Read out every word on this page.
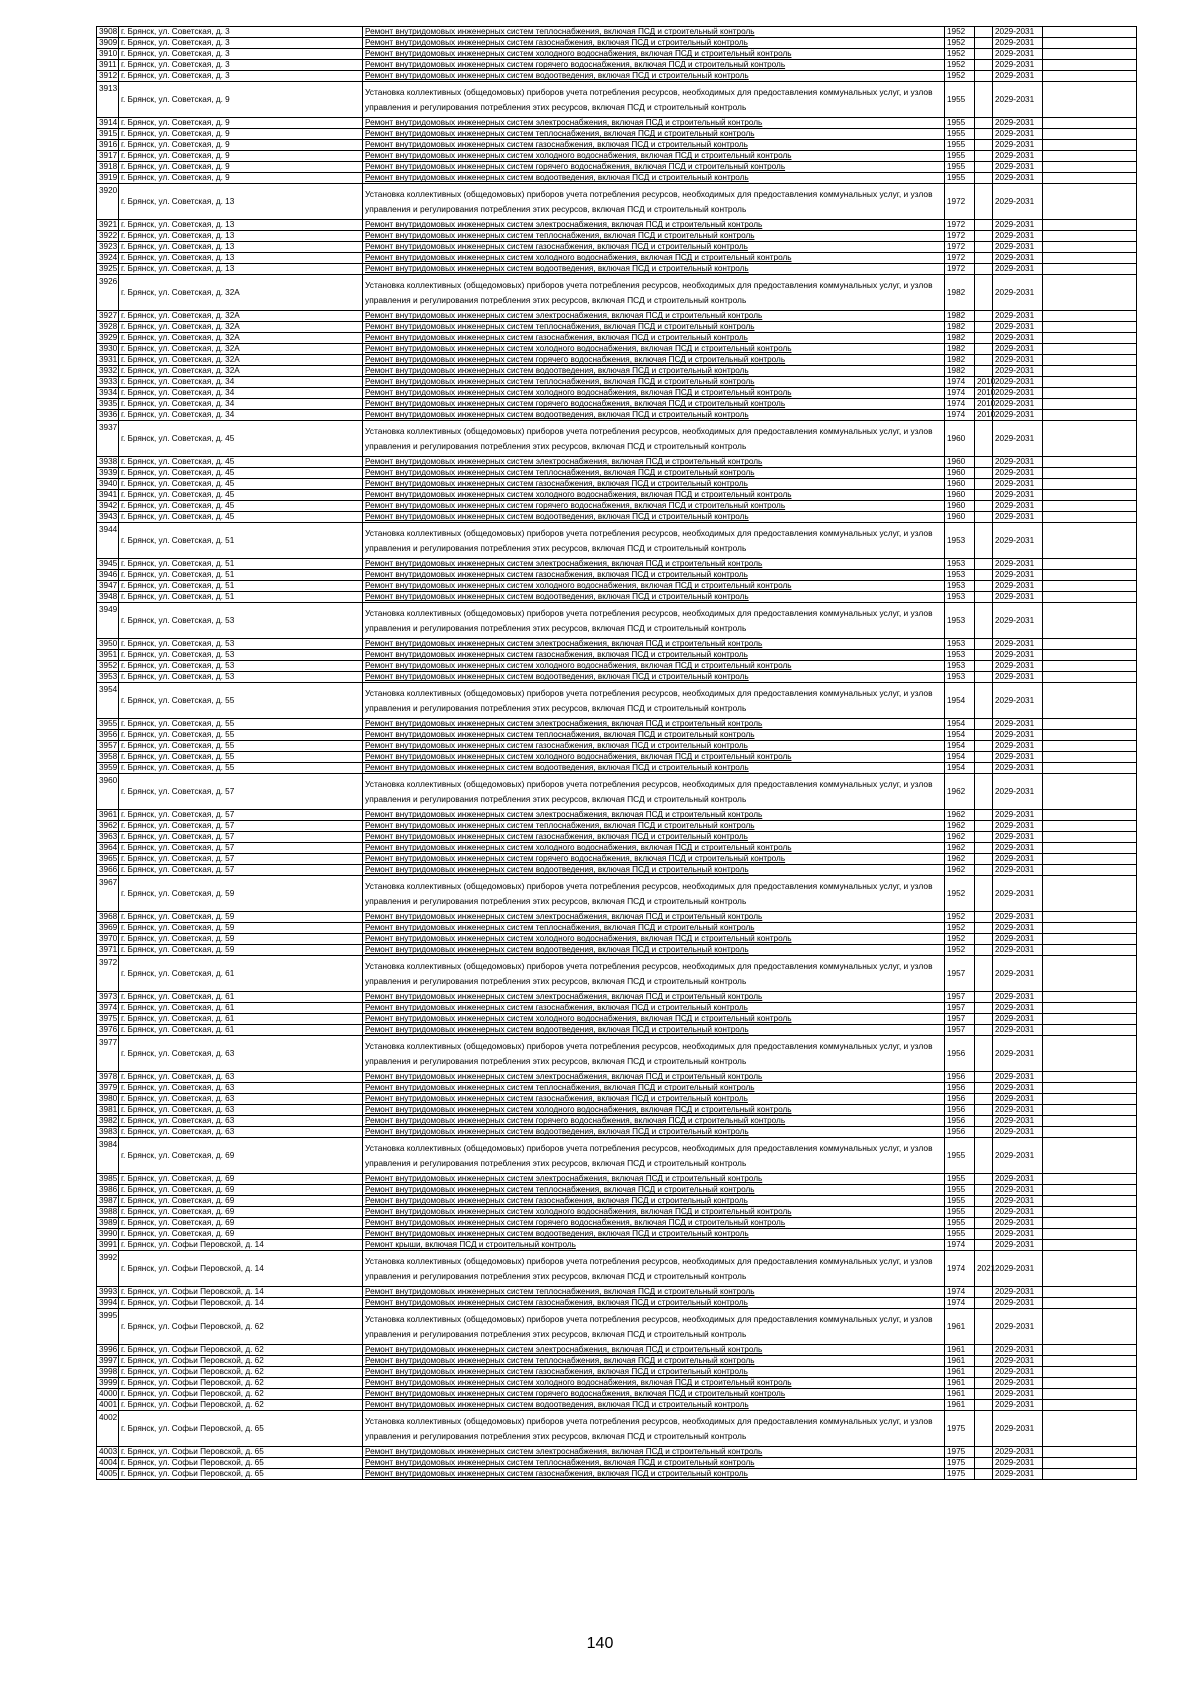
3908	г. Брянск, ул. Советская, д. 3	Ремонт внутридомовых инженерных систем теплоснабжения, включая ПСД и строительный контроль	1952		2029-2031	
3909	г. Брянск, ул. Советская, д. 3	Ремонт внутридомовых инженерных систем газоснабжения, включая ПСД и строительный контроль	1952		2029-2031	
3910	г. Брянск, ул. Советская, д. 3	Ремонт внутридомовых инженерных систем холодного водоснабжения, включая ПСД и строительный контроль	1952		2029-2031	
3911	г. Брянск, ул. Советская, д. 3	Ремонт внутридомовых инженерных систем горячего водоснабжения, включая ПСД и строительный контроль	1952		2029-2031	
3912	г. Брянск, ул. Советская, д. 3	Ремонт внутридомовых инженерных систем водоотведения, включая ПСД и строительный контроль	1952		2029-2031	
3913	г. Брянск, ул. Советская, д. 9	Установка коллективных (общедомовых) приборов учета потребления ресурсов, необходимых для предоставления коммунальных услуг, и узлов управления и регулирования потребления этих ресурсов, включая ПСД и строительный контроль	1955		2029-2031	
3914	г. Брянск, ул. Советская, д. 9	Ремонт внутридомовых инженерных систем электроснабжения, включая ПСД и строительный контроль	1955		2029-2031	
3915	г. Брянск, ул. Советская, д. 9	Ремонт внутридомовых инженерных систем теплоснабжения, включая ПСД и строительный контроль	1955		2029-2031	
3916	г. Брянск, ул. Советская, д. 9	Ремонт внутридомовых инженерных систем газоснабжения, включая ПСД и строительный контроль	1955		2029-2031	
3917	г. Брянск, ул. Советская, д. 9	Ремонт внутридомовых инженерных систем холодного водоснабжения, включая ПСД и строительный контроль	1955		2029-2031	
3918	г. Брянск, ул. Советская, д. 9	Ремонт внутридомовых инженерных систем горячего водоснабжения, включая ПСД и строительный контроль	1955		2029-2031	
3919	г. Брянск, ул. Советская, д. 9	Ремонт внутридомовых инженерных систем водоотведения, включая ПСД и строительный контроль	1955		2029-2031	
3920	г. Брянск, ул. Советская, д. 13	Установка коллективных (общедомовых) приборов учета потребления ресурсов, необходимых для предоставления коммунальных услуг, и узлов управления и регулирования потребления этих ресурсов, включая ПСД и строительный контроль	1972		2029-2031	
3921	г. Брянск, ул. Советская, д. 13	Ремонт внутридомовых инженерных систем электроснабжения, включая ПСД и строительный контроль	1972		2029-2031	
3922	г. Брянск, ул. Советская, д. 13	Ремонт внутридомовых инженерных систем теплоснабжения, включая ПСД и строительный контроль	1972		2029-2031	
3923	г. Брянск, ул. Советская, д. 13	Ремонт внутридомовых инженерных систем газоснабжения, включая ПСД и строительный контроль	1972		2029-2031	
3924	г. Брянск, ул. Советская, д. 13	Ремонт внутридомовых инженерных систем холодного водоснабжения, включая ПСД и строительный контроль	1972		2029-2031	
3925	г. Брянск, ул. Советская, д. 13	Ремонт внутридомовых инженерных систем водоотведения, включая ПСД и строительный контроль	1972		2029-2031	
3926	г. Брянск, ул. Советская, д. 32А	Установка коллективных (общедомовых) приборов учета потребления ресурсов, необходимых для предоставления коммунальных услуг, и узлов управления и регулирования потребления этих ресурсов, включая ПСД и строительный контроль	1982		2029-2031	
3927	г. Брянск, ул. Советская, д. 32А	Ремонт внутридомовых инженерных систем электроснабжения, включая ПСД и строительный контроль	1982		2029-2031	
3928	г. Брянск, ул. Советская, д. 32А	Ремонт внутридомовых инженерных систем теплоснабжения, включая ПСД и строительный контроль	1982		2029-2031	
3929	г. Брянск, ул. Советская, д. 32А	Ремонт внутридомовых инженерных систем газоснабжения, включая ПСД и строительный контроль	1982		2029-2031	
3930	г. Брянск, ул. Советская, д. 32А	Ремонт внутридомовых инженерных систем холодного водоснабжения, включая ПСД и строительный контроль	1982		2029-2031	
3931	г. Брянск, ул. Советская, д. 32А	Ремонт внутридомовых инженерных систем горячего водоснабжения, включая ПСД и строительный контроль	1982		2029-2031	
3932	г. Брянск, ул. Советская, д. 32А	Ремонт внутридомовых инженерных систем водоотведения, включая ПСД и строительный контроль	1982		2029-2031	
3933	г. Брянск, ул. Советская, д. 34	Ремонт внутридомовых инженерных систем теплоснабжения, включая ПСД и строительный контроль	1974	2010	2029-2031	
3934	г. Брянск, ул. Советская, д. 34	Ремонт внутридомовых инженерных систем холодного водоснабжения, включая ПСД и строительный контроль	1974	2010	2029-2031	
3935	г. Брянск, ул. Советская, д. 34	Ремонт внутридомовых инженерных систем горячего водоснабжения, включая ПСД и строительный контроль	1974	2010	2029-2031	
3936	г. Брянск, ул. Советская, д. 34	Ремонт внутридомовых инженерных систем водоотведения, включая ПСД и строительный контроль	1974	2010	2029-2031	
3937	г. Брянск, ул. Советская, д. 45	Установка коллективных (общедомовых) приборов учета потребления ресурсов, необходимых для предоставления коммунальных услуг, и узлов управления и регулирования потребления этих ресурсов, включая ПСД и строительный контроль	1960		2029-2031	
3938	г. Брянск, ул. Советская, д. 45	Ремонт внутридомовых инженерных систем электроснабжения, включая ПСД и строительный контроль	1960		2029-2031	
3939	г. Брянск, ул. Советская, д. 45	Ремонт внутридомовых инженерных систем теплоснабжения, включая ПСД и строительный контроль	1960		2029-2031	
3940	г. Брянск, ул. Советская, д. 45	Ремонт внутридомовых инженерных систем газоснабжения, включая ПСД и строительный контроль	1960		2029-2031	
3941	г. Брянск, ул. Советская, д. 45	Ремонт внутридомовых инженерных систем холодного водоснабжения, включая ПСД и строительный контроль	1960		2029-2031	
3942	г. Брянск, ул. Советская, д. 45	Ремонт внутридомовых инженерных систем горячего водоснабжения, включая ПСД и строительный контроль	1960		2029-2031	
3943	г. Брянск, ул. Советская, д. 45	Ремонт внутридомовых инженерных систем водоотведения, включая ПСД и строительный контроль	1960		2029-2031	
3944	г. Брянск, ул. Советская, д. 51	Установка коллективных (общедомовых) приборов учета потребления ресурсов, необходимых для предоставления коммунальных услуг, и узлов управления и регулирования потребления этих ресурсов, включая ПСД и строительный контроль	1953		2029-2031	
3945	г. Брянск, ул. Советская, д. 51	Ремонт внутридомовых инженерных систем электроснабжения, включая ПСД и строительный контроль	1953		2029-2031	
3946	г. Брянск, ул. Советская, д. 51	Ремонт внутридомовых инженерных систем газоснабжения, включая ПСД и строительный контроль	1953		2029-2031	
3947	г. Брянск, ул. Советская, д. 51	Ремонт внутридомовых инженерных систем холодного водоснабжения, включая ПСД и строительный контроль	1953		2029-2031	
3948	г. Брянск, ул. Советская, д. 51	Ремонт внутридомовых инженерных систем водоотведения, включая ПСД и строительный контроль	1953		2029-2031	
3949	г. Брянск, ул. Советская, д. 53	Установка коллективных (общедомовых) приборов учета потребления ресурсов, необходимых для предоставления коммунальных услуг, и узлов управления и регулирования потребления этих ресурсов, включая ПСД и строительный контроль	1953		2029-2031	
3950	г. Брянск, ул. Советская, д. 53	Ремонт внутридомовых инженерных систем электроснабжения, включая ПСД и строительный контроль	1953		2029-2031	
3951	г. Брянск, ул. Советская, д. 53	Ремонт внутридомовых инженерных систем газоснабжения, включая ПСД и строительный контроль	1953		2029-2031	
3952	г. Брянск, ул. Советская, д. 53	Ремонт внутридомовых инженерных систем холодного водоснабжения, включая ПСД и строительный контроль	1953		2029-2031	
3953	г. Брянск, ул. Советская, д. 53	Ремонт внутридомовых инженерных систем водоотведения, включая ПСД и строительный контроль	1953		2029-2031	
3954	г. Брянск, ул. Советская, д. 55	Установка коллективных (общедомовых) приборов учета потребления ресурсов, необходимых для предоставления коммунальных услуг, и узлов управления и регулирования потребления этих ресурсов, включая ПСД и строительный контроль	1954		2029-2031	
3955	г. Брянск, ул. Советская, д. 55	Ремонт внутридомовых инженерных систем электроснабжения, включая ПСД и строительный контроль	1954		2029-2031	
3956	г. Брянск, ул. Советская, д. 55	Ремонт внутридомовых инженерных систем теплоснабжения, включая ПСД и строительный контроль	1954		2029-2031	
3957	г. Брянск, ул. Советская, д. 55	Ремонт внутридомовых инженерных систем газоснабжения, включая ПСД и строительный контроль	1954		2029-2031	
3958	г. Брянск, ул. Советская, д. 55	Ремонт внутридомовых инженерных систем холодного водоснабжения, включая ПСД и строительный контроль	1954		2029-2031	
3959	г. Брянск, ул. Советская, д. 55	Ремонт внутридомовых инженерных систем водоотведения, включая ПСД и строительный контроль	1954		2029-2031	
3960	г. Брянск, ул. Советская, д. 57	Установка коллективных (общедомовых) приборов учета потребления ресурсов, необходимых для предоставления коммунальных услуг, и узлов управления и регулирования потребления этих ресурсов, включая ПСД и строительный контроль	1962		2029-2031	
3961	г. Брянск, ул. Советская, д. 57	Ремонт внутридомовых инженерных систем электроснабжения, включая ПСД и строительный контроль	1962		2029-2031	
3962	г. Брянск, ул. Советская, д. 57	Ремонт внутридомовых инженерных систем теплоснабжения, включая ПСД и строительный контроль	1962		2029-2031	
3963	г. Брянск, ул. Советская, д. 57	Ремонт внутридомовых инженерных систем газоснабжения, включая ПСД и строительный контроль	1962		2029-2031	
3964	г. Брянск, ул. Советская, д. 57	Ремонт внутридомовых инженерных систем холодного водоснабжения, включая ПСД и строительный контроль	1962		2029-2031	
3965	г. Брянск, ул. Советская, д. 57	Ремонт внутридомовых инженерных систем горячего водоснабжения, включая ПСД и строительный контроль	1962		2029-2031	
3966	г. Брянск, ул. Советская, д. 57	Ремонт внутридомовых инженерных систем водоотведения, включая ПСД и строительный контроль	1962		2029-2031	
3967	г. Брянск, ул. Советская, д. 59	Установка коллективных (общедомовых) приборов учета потребления ресурсов, необходимых для предоставления коммунальных услуг, и узлов управления и регулирования потребления этих ресурсов, включая ПСД и строительный контроль	1952		2029-2031	
3968	г. Брянск, ул. Советская, д. 59	Ремонт внутридомовых инженерных систем электроснабжения, включая ПСД и строительный контроль	1952		2029-2031	
3969	г. Брянск, ул. Советская, д. 59	Ремонт внутридомовых инженерных систем теплоснабжения, включая ПСД и строительный контроль	1952		2029-2031	
3970	г. Брянск, ул. Советская, д. 59	Ремонт внутридомовых инженерных систем холодного водоснабжения, включая ПСД и строительный контроль	1952		2029-2031	
3971	г. Брянск, ул. Советская, д. 59	Ремонт внутридомовых инженерных систем водоотведения, включая ПСД и строительный контроль	1952		2029-2031	
3972	г. Брянск, ул. Советская, д. 61	Установка коллективных (общедомовых) приборов учета потребления ресурсов, необходимых для предоставления коммунальных услуг, и узлов управления и регулирования потребления этих ресурсов, включая ПСД и строительный контроль	1957		2029-2031	
3973	г. Брянск, ул. Советская, д. 61	Ремонт внутридомовых инженерных систем электроснабжения, включая ПСД и строительный контроль	1957		2029-2031	
3974	г. Брянск, ул. Советская, д. 61	Ремонт внутридомовых инженерных систем газоснабжения, включая ПСД и строительный контроль	1957		2029-2031	
3975	г. Брянск, ул. Советская, д. 61	Ремонт внутридомовых инженерных систем холодного водоснабжения, включая ПСД и строительный контроль	1957		2029-2031	
3976	г. Брянск, ул. Советская, д. 61	Ремонт внутридомовых инженерных систем водоотведения, включая ПСД и строительный контроль	1957		2029-2031	
3977	г. Брянск, ул. Советская, д. 63	Установка коллективных (общедомовых) приборов учета потребления ресурсов, необходимых для предоставления коммунальных услуг, и узлов управления и регулирования потребления этих ресурсов, включая ПСД и строительный контроль	1956		2029-2031	
3978	г. Брянск, ул. Советская, д. 63	Ремонт внутридомовых инженерных систем электроснабжения, включая ПСД и строительный контроль	1956		2029-2031	
3979	г. Брянск, ул. Советская, д. 63	Ремонт внутридомовых инженерных систем теплоснабжения, включая ПСД и строительный контроль	1956		2029-2031	
3980	г. Брянск, ул. Советская, д. 63	Ремонт внутридомовых инженерных систем газоснабжения, включая ПСД и строительный контроль	1956		2029-2031	
3981	г. Брянск, ул. Советская, д. 63	Ремонт внутридомовых инженерных систем холодного водоснабжения, включая ПСД и строительный контроль	1956		2029-2031	
3982	г. Брянск, ул. Советская, д. 63	Ремонт внутридомовых инженерных систем горячего водоснабжения, включая ПСД и строительный контроль	1956		2029-2031	
3983	г. Брянск, ул. Советская, д. 63	Ремонт внутридомовых инженерных систем водоотведения, включая ПСД и строительный контроль	1956		2029-2031	
3984	г. Брянск, ул. Советская, д. 69	Установка коллективных (общедомовых) приборов учета потребления ресурсов, необходимых для предоставления коммунальных услуг, и узлов управления и регулирования потребления этих ресурсов, включая ПСД и строительный контроль	1955		2029-2031	
3985	г. Брянск, ул. Советская, д. 69	Ремонт внутридомовых инженерных систем электроснабжения, включая ПСД и строительный контроль	1955		2029-2031	
3986	г. Брянск, ул. Советская, д. 69	Ремонт внутридомовых инженерных систем теплоснабжения, включая ПСД и строительный контроль	1955		2029-2031	
3987	г. Брянск, ул. Советская, д. 69	Ремонт внутридомовых инженерных систем газоснабжения, включая ПСД и строительный контроль	1955		2029-2031	
3988	г. Брянск, ул. Советская, д. 69	Ремонт внутридомовых инженерных систем холодного водоснабжения, включая ПСД и строительный контроль	1955		2029-2031	
3989	г. Брянск, ул. Советская, д. 69	Ремонт внутридомовых инженерных систем горячего водоснабжения, включая ПСД и строительный контроль	1955		2029-2031	
3990	г. Брянск, ул. Советская, д. 69	Ремонт внутридомовых инженерных систем водоотведения, включая ПСД и строительный контроль	1955		2029-2031	
3991	г. Брянск, ул. Софьи Перовской, д. 14	Ремонт крыши, включая ПСД и строительный контроль	1974		2029-2031	
3992	г. Брянск, ул. Софьи Перовской, д. 14	Установка коллективных (общедомовых) приборов учета потребления ресурсов, необходимых для предоставления коммунальных услуг, и узлов управления и регулирования потребления этих ресурсов, включая ПСД и строительный контроль	1974	2021	2029-2031	
3993	г. Брянск, ул. Софьи Перовской, д. 14	Ремонт внутридомовых инженерных систем теплоснабжения, включая ПСД и строительный контроль	1974		2029-2031	
3994	г. Брянск, ул. Софьи Перовской, д. 14	Ремонт внутридомовых инженерных систем газоснабжения, включая ПСД и строительный контроль	1974		2029-2031	
3995	г. Брянск, ул. Софьи Перовской, д. 62	Установка коллективных (общедомовых) приборов учета потребления ресурсов, необходимых для предоставления коммунальных услуг, и узлов управления и регулирования потребления этих ресурсов, включая ПСД и строительный контроль	1961		2029-2031	
3996	г. Брянск, ул. Софьи Перовской, д. 62	Ремонт внутридомовых инженерных систем электроснабжения, включая ПСД и строительный контроль	1961		2029-2031	
3997	г. Брянск, ул. Софьи Перовской, д. 62	Ремонт внутридомовых инженерных систем теплоснабжения, включая ПСД и строительный контроль	1961		2029-2031	
3998	г. Брянск, ул. Софьи Перовской, д. 62	Ремонт внутридомовых инженерных систем газоснабжения, включая ПСД и строительный контроль	1961		2029-2031	
3999	г. Брянск, ул. Софьи Перовской, д. 62	Ремонт внутридомовых инженерных систем холодного водоснабжения, включая ПСД и строительный контроль	1961		2029-2031	
4000	г. Брянск, ул. Софьи Перовской, д. 62	Ремонт внутридомовых инженерных систем горячего водоснабжения, включая ПСД и строительный контроль	1961		2029-2031	
4001	г. Брянск, ул. Софьи Перовской, д. 62	Ремонт внутридомовых инженерных систем водоотведения, включая ПСД и строительный контроль	1961		2029-2031	
4002	г. Брянск, ул. Софьи Перовской, д. 65	Установка коллективных (общедомовых) приборов учета потребления ресурсов, необходимых для предоставления коммунальных услуг, и узлов управления и регулирования потребления этих ресурсов, включая ПСД и строительный контроль	1975		2029-2031	
4003	г. Брянск, ул. Софьи Перовской, д. 65	Ремонт внутридомовых инженерных систем электроснабжения, включая ПСД и строительный контроль	1975		2029-2031	
4004	г. Брянск, ул. Софьи Перовской, д. 65	Ремонт внутридомовых инженерных систем теплоснабжения, включая ПСД и строительный контроль	1975		2029-2031	
4005	г. Брянск, ул. Софьи Перовской, д. 65	Ремонт внутридомовых инженерных систем газоснабжения, включая ПСД и строительный контроль	1975		2029-2031	
140
